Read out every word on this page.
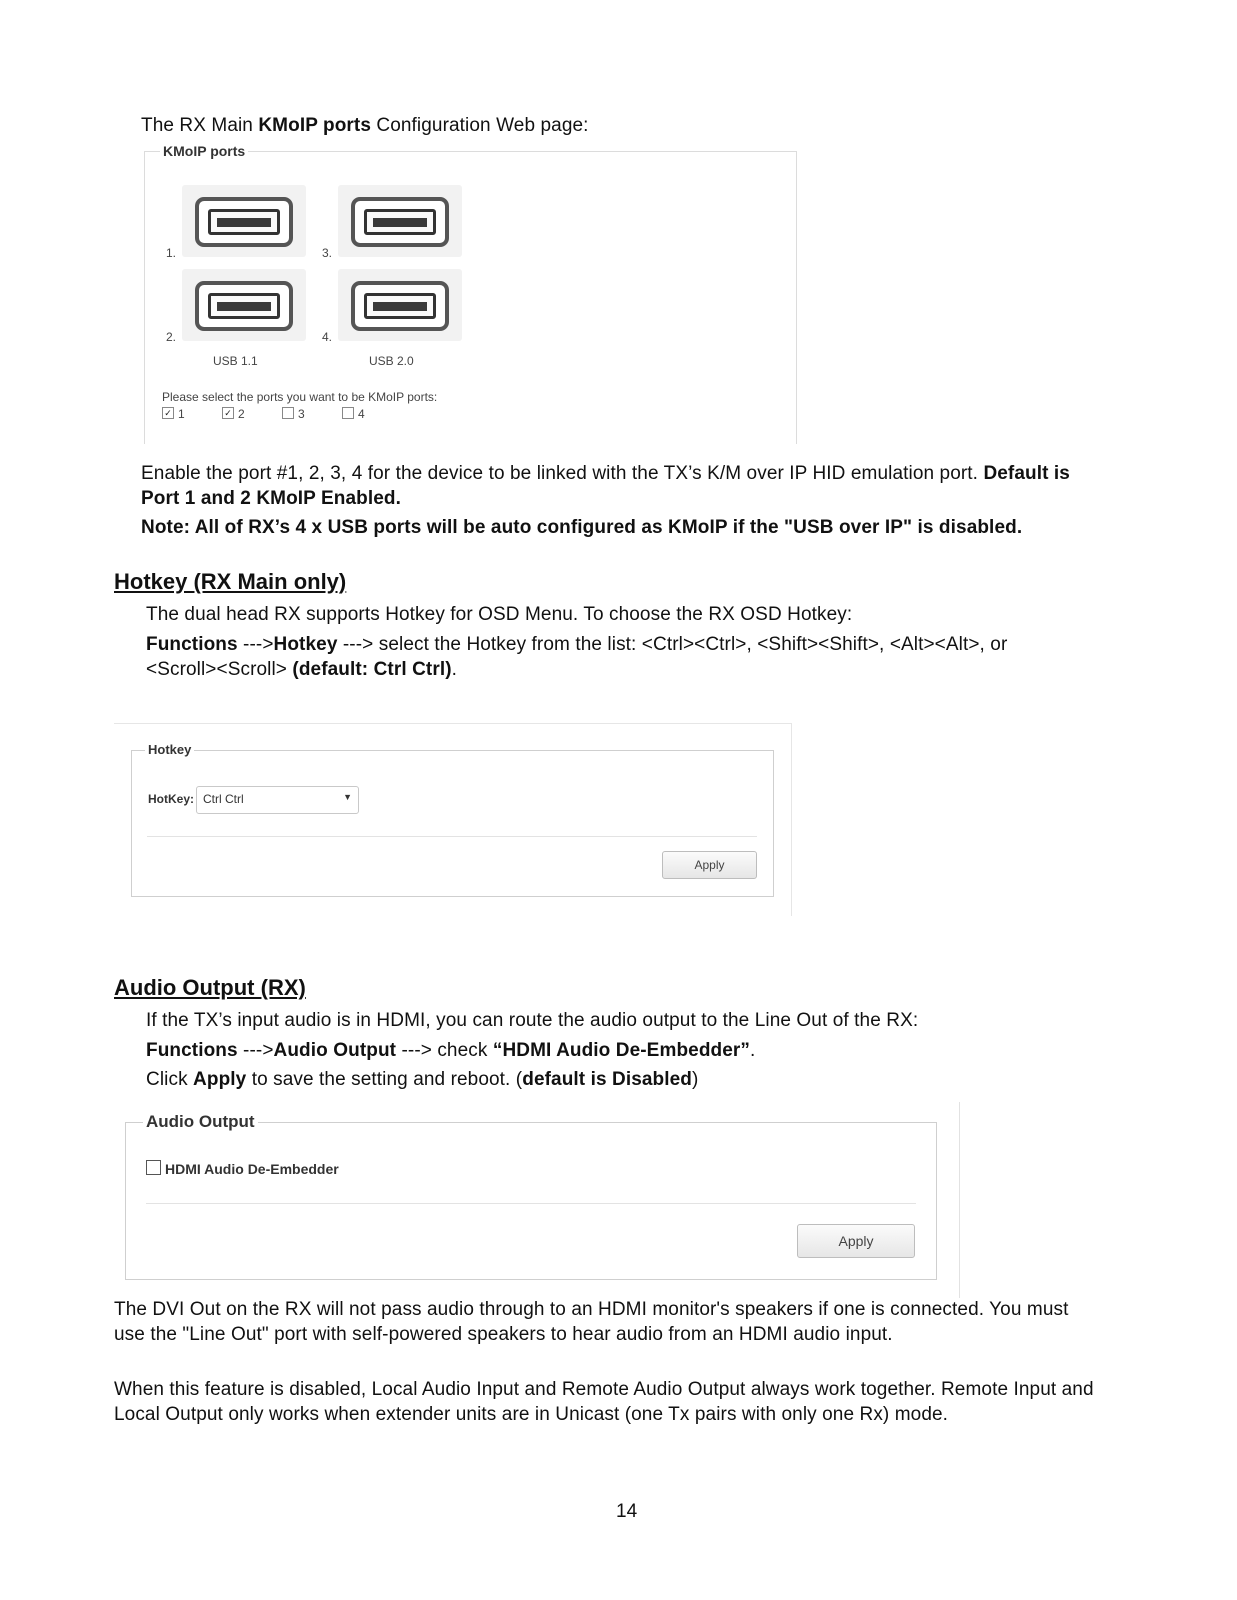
The RX Main KMoIP ports Configuration Web page:
KMoIP ports
1.	3.
2.	4.
USB 1.1	USB 2.0
Please select the ports you want to be KMoIP ports:
✓ 1	✓ 2	3	4
Enable the port #1, 2, 3, 4 for the device to be linked with the TX’s K/M over IP HID emulation port. Default is
Port 1 and 2 KMoIP Enabled.
Note: All of RX’s 4 x USB ports will be auto configured as KMoIP if the "USB over IP" is disabled.
Hotkey (RX Main only)
The dual head RX supports Hotkey for OSD Menu. To choose the RX OSD Hotkey:
Functions --->Hotkey ---> select the Hotkey from the list: <Ctrl><Ctrl>, <Shift><Shift>, <Alt><Alt>, or
<Scroll><Scroll> (default: Ctrl Ctrl).
Hotkey
HotKey: Ctrl Ctrl	▼
Apply
Audio Output (RX)
If the TX’s input audio is in HDMI, you can route the audio output to the Line Out of the RX:
Functions --->Audio Output ---> check “HDMI Audio De-Embedder”.
Click Apply to save the setting and reboot. (default is Disabled)
Audio Output
HDMI Audio De-Embedder
Apply
The DVI Out on the RX will not pass audio through to an HDMI monitor's speakers if one is connected. You must
use the "Line Out" port with self-powered speakers to hear audio from an HDMI audio input.
When this feature is disabled, Local Audio Input and Remote Audio Output always work together. Remote Input and
Local Output only works when extender units are in Unicast (one Tx pairs with only one Rx) mode.
14
